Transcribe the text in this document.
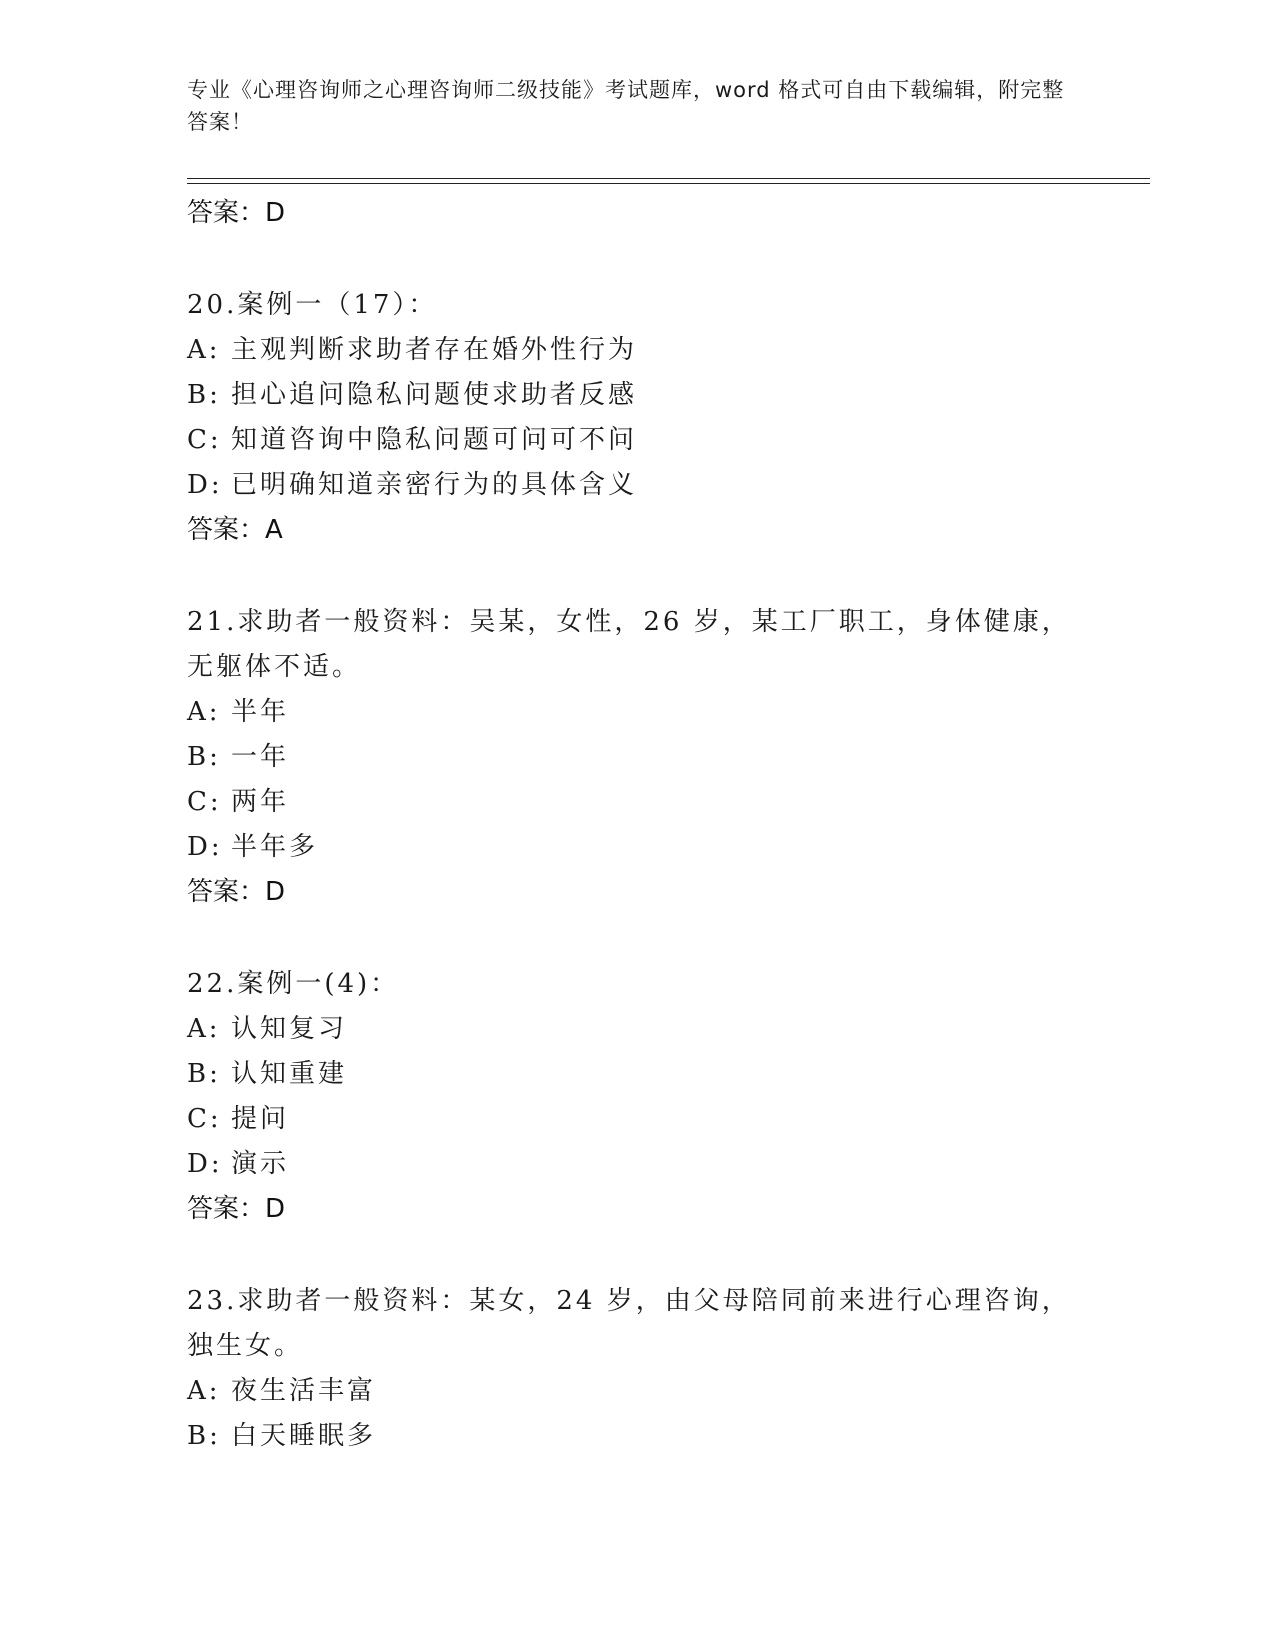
专业《心理咨询师之心理咨询师二级技能》考试题库，word 格式可自由下载编辑，附完整答案！

答案：D

20.案例一（17）：

A: 主观判断求助者存在婚外性行为

B: 担心追问隐私问题使求助者反感

C: 知道咨询中隐私问题可问可不问

D: 已明确知道亲密行为的具体含义

答案：A

21.求助者一般资料：吴某，女性，26 岁，某工厂职工，身体健康，无躯体不适。

A: 半年

B: 一年

C: 两年

D: 半年多

答案：D

22.案例一(4)：

A: 认知复习

B: 认知重建

C: 提问

D: 演示

答案：D

23.求助者一般资料：某女，24 岁，由父母陪同前来进行心理咨询，独生女。

A: 夜生活丰富

B: 白天睡眠多
